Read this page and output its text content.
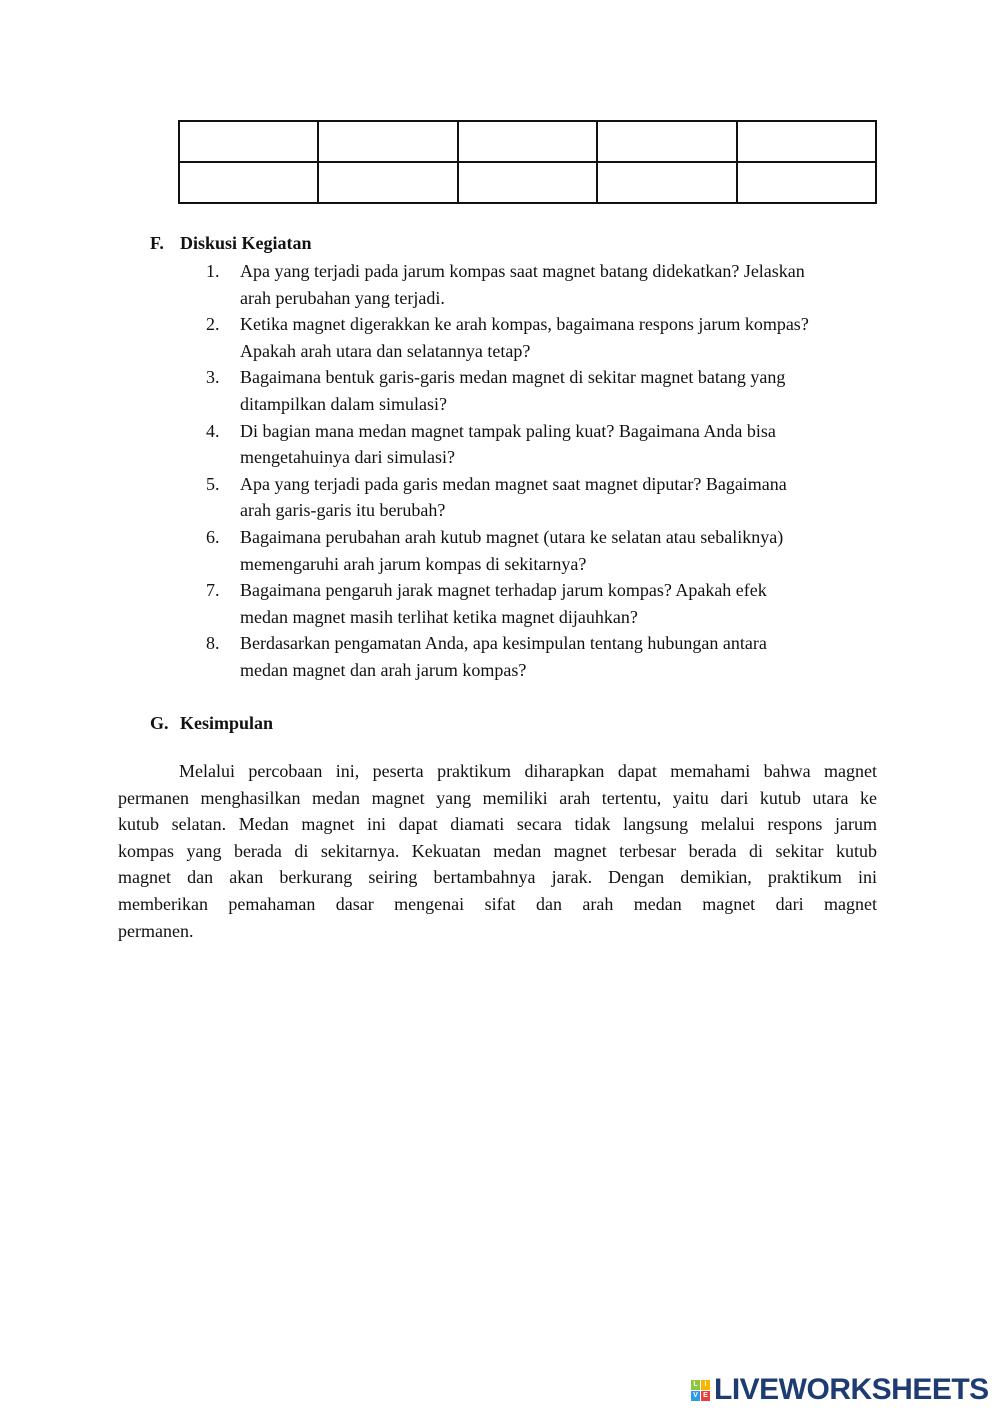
F. Diskusi Kegiatan
1. Apa yang terjadi pada jarum kompas saat magnet batang didekatkan? Jelaskan
arah perubahan yang terjadi.
2. Ketika magnet digerakkan ke arah kompas, bagaimana respons jarum kompas?
Apakah arah utara dan selatannya tetap?
3. Bagaimana bentuk garis-garis medan magnet di sekitar magnet batang yang
ditampilkan dalam simulasi?
4. Di bagian mana medan magnet tampak paling kuat? Bagaimana Anda bisa
mengetahuinya dari simulasi?
5. Apa yang terjadi pada garis medan magnet saat magnet diputar? Bagaimana
arah garis-garis itu berubah?
6. Bagaimana perubahan arah kutub magnet (utara ke selatan atau sebaliknya)
memengaruhi arah jarum kompas di sekitarnya?
7. Bagaimana pengaruh jarak magnet terhadap jarum kompas? Apakah efek
medan magnet masih terlihat ketika magnet dijauhkan?
8. Berdasarkan pengamatan Anda, apa kesimpulan tentang hubungan antara
medan magnet dan arah jarum kompas?
G. Kesimpulan
Melalui percobaan ini, peserta praktikum diharapkan dapat memahami bahwa magnet
permanen menghasilkan medan magnet yang memiliki arah tertentu, yaitu dari kutub utara ke
kutub selatan. Medan magnet ini dapat diamati secara tidak langsung melalui respons jarum
kompas yang berada di sekitarnya. Kekuatan medan magnet terbesar berada di sekitar kutub
magnet dan akan berkurang seiring bertambahnya jarak. Dengan demikian, praktikum ini
memberikan pemahaman dasar mengenai sifat dan arah medan magnet dari magnet
permanen.
L I
V E LIVEWORKSHEETS
